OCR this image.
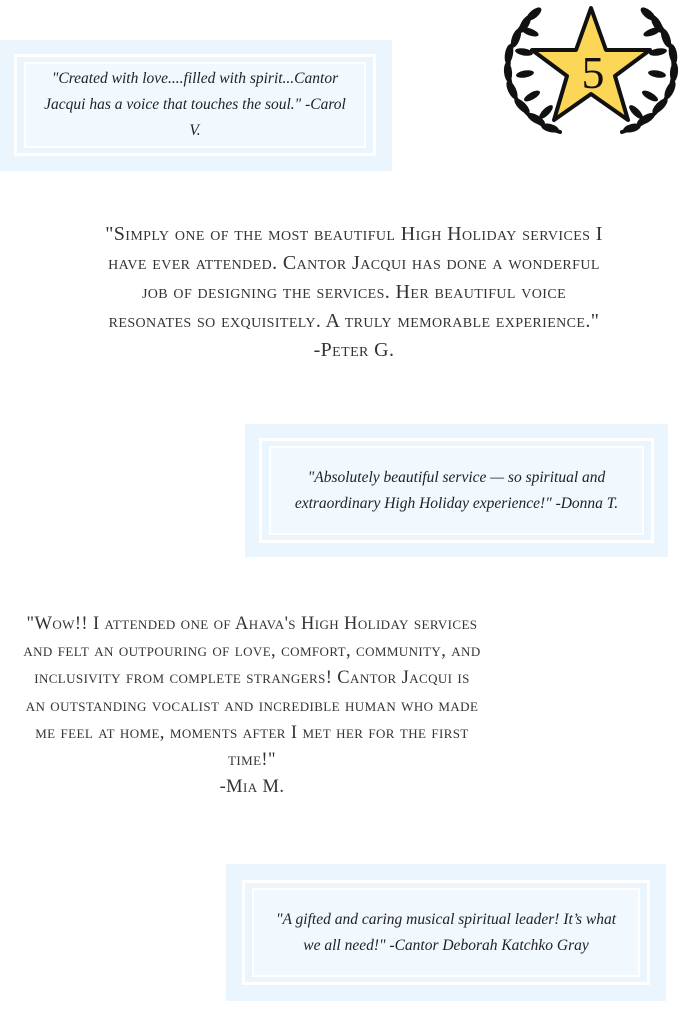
"Created with love....filled with spirit...Cantor Jacqui has a voice that touches the soul." -Carol V.
5
"Simply one of the most beautiful High Holiday services I have ever attended. Cantor Jacqui has done a wonderful job of designing the services. Her beautiful voice resonates so exquisitely. A truly memorable experience."
-Peter G.
"Absolutely beautiful service — so spiritual and extraordinary High Holiday experience!" -Donna T.
"Wow!! I attended one of Ahava's High Holiday services and felt an outpouring of love, comfort, community, and inclusivity from complete strangers! Cantor Jacqui is an outstanding vocalist and incredible human who made me feel at home, moments after I met her for the first time!"
-Mia M.
"A gifted and caring musical spiritual leader! It’s what we all need!" -Cantor Deborah Katchko Gray
